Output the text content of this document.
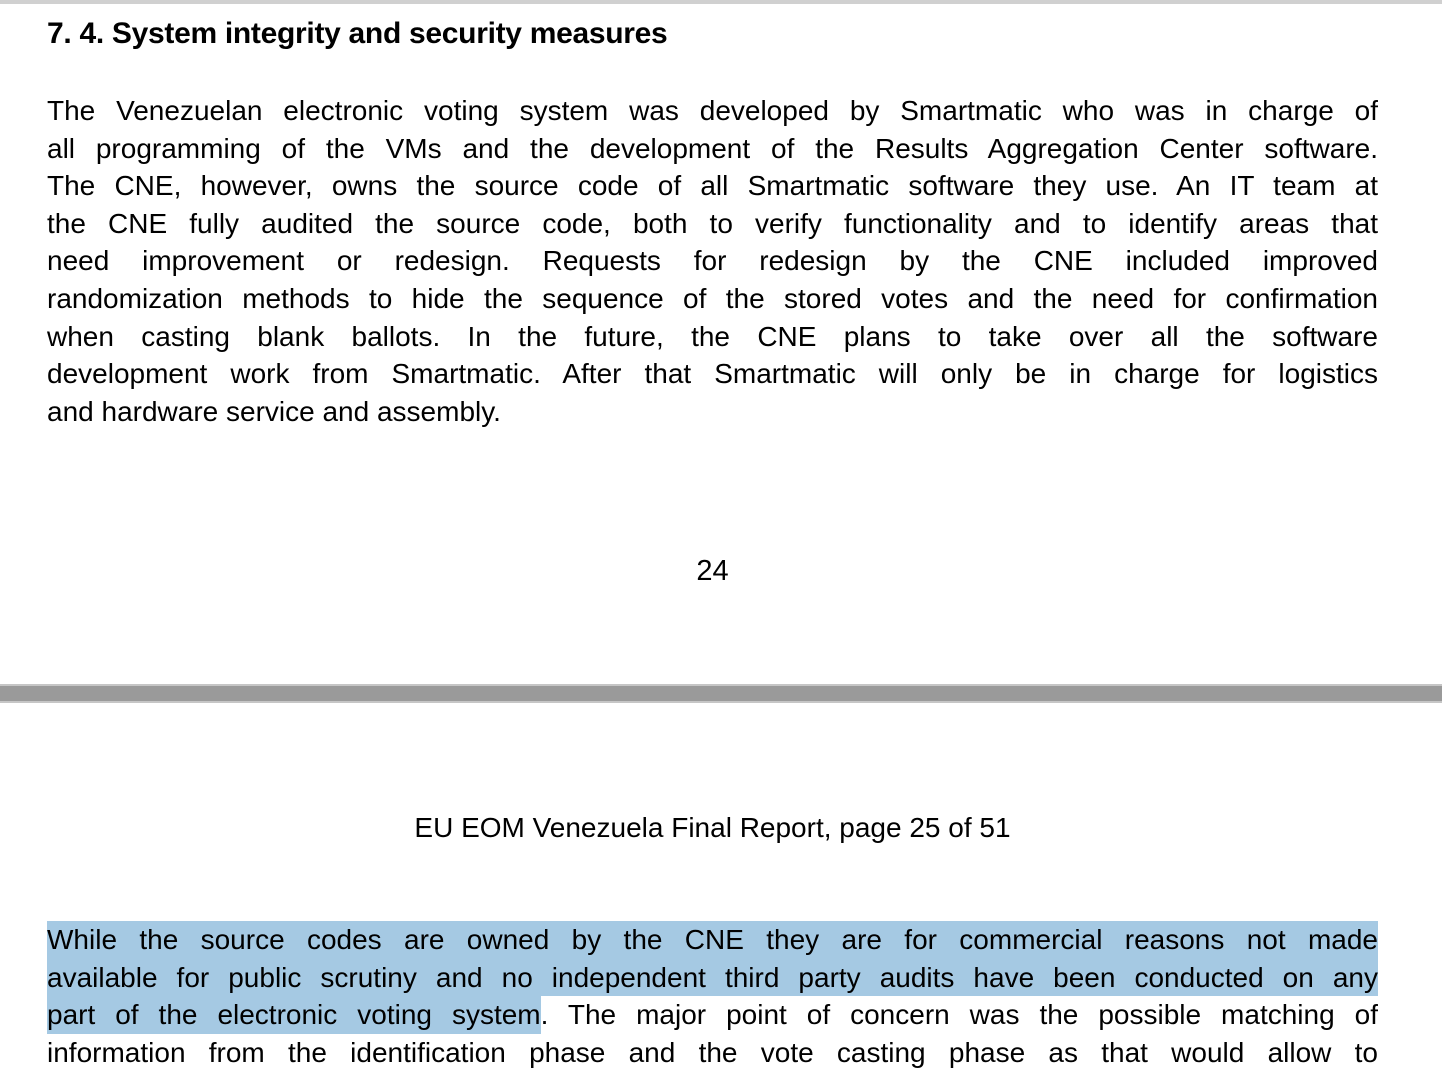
7. 4. System integrity and security measures
The Venezuelan electronic voting system was developed by Smartmatic who was in charge of
all programming of the VMs and the development of the Results Aggregation Center software.
The CNE, however, owns the source code of all Smartmatic software they use. An IT team at
the CNE fully audited the source code, both to verify functionality and to identify areas that
need improvement or redesign. Requests for redesign by the CNE included improved
randomization methods to hide the sequence of the stored votes and the need for confirmation
when casting blank ballots. In the future, the CNE plans to take over all the software
development work from Smartmatic. After that Smartmatic will only be in charge for logistics
and hardware service and assembly.
24
EU EOM Venezuela Final Report, page 25 of 51
While the source codes are owned by the CNE they are for commercial reasons not made
available for public scrutiny and no independent third party audits have been conducted on any
part of the electronic voting system. The major point of concern was the possible matching of
information from the identification phase and the vote casting phase as that would allow to
